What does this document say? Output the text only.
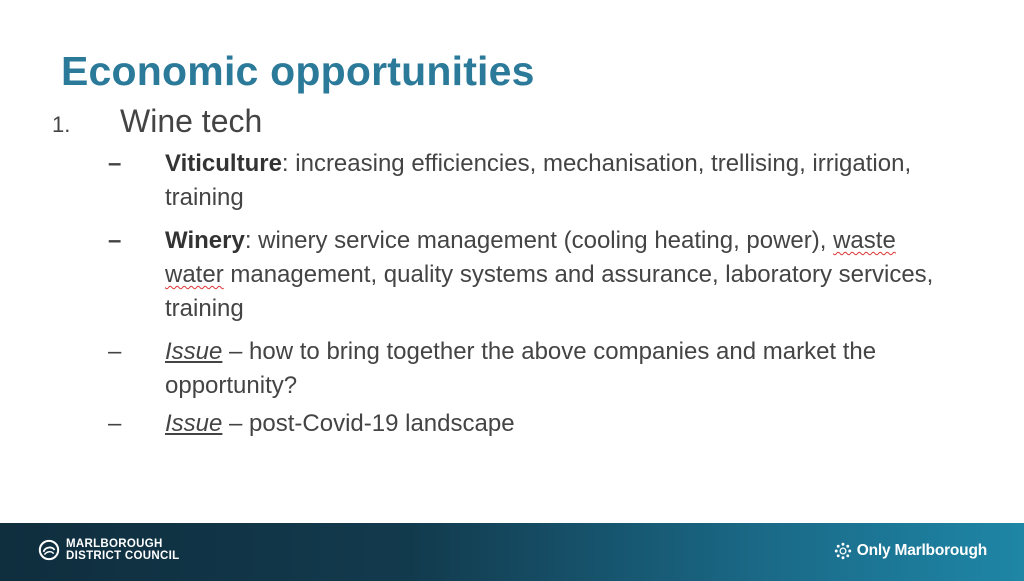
Economic opportunities
1. Wine tech
– Viticulture: increasing efficiencies, mechanisation, trellising, irrigation, training
– Winery: winery service management (cooling heating, power), waste water management, quality systems and assurance, laboratory services, training
– Issue – how to bring together the above companies and market the opportunity?
– Issue – post-Covid-19 landscape
MARLBOROUGH
DISTRICT COUNCIL	Only Marlborough
